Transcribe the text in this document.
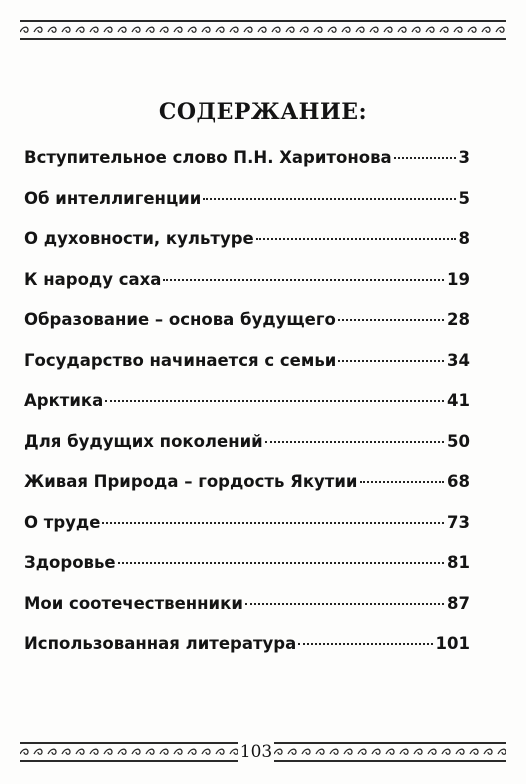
СОДЕРЖАНИЕ:
Вступительное слово П.Н. Харитонова	3
Об интеллигенции	5
О духовности, культуре	8
К народу саха	19
Образование – основа будущего	28
Государство начинается с семьи	34
Арктика	41
Для будущих поколений	50
Живая Природа – гордость Якутии	68
О труде	73
Здоровье	81
Мои соотечественники	87
Использованная литература	101
103
